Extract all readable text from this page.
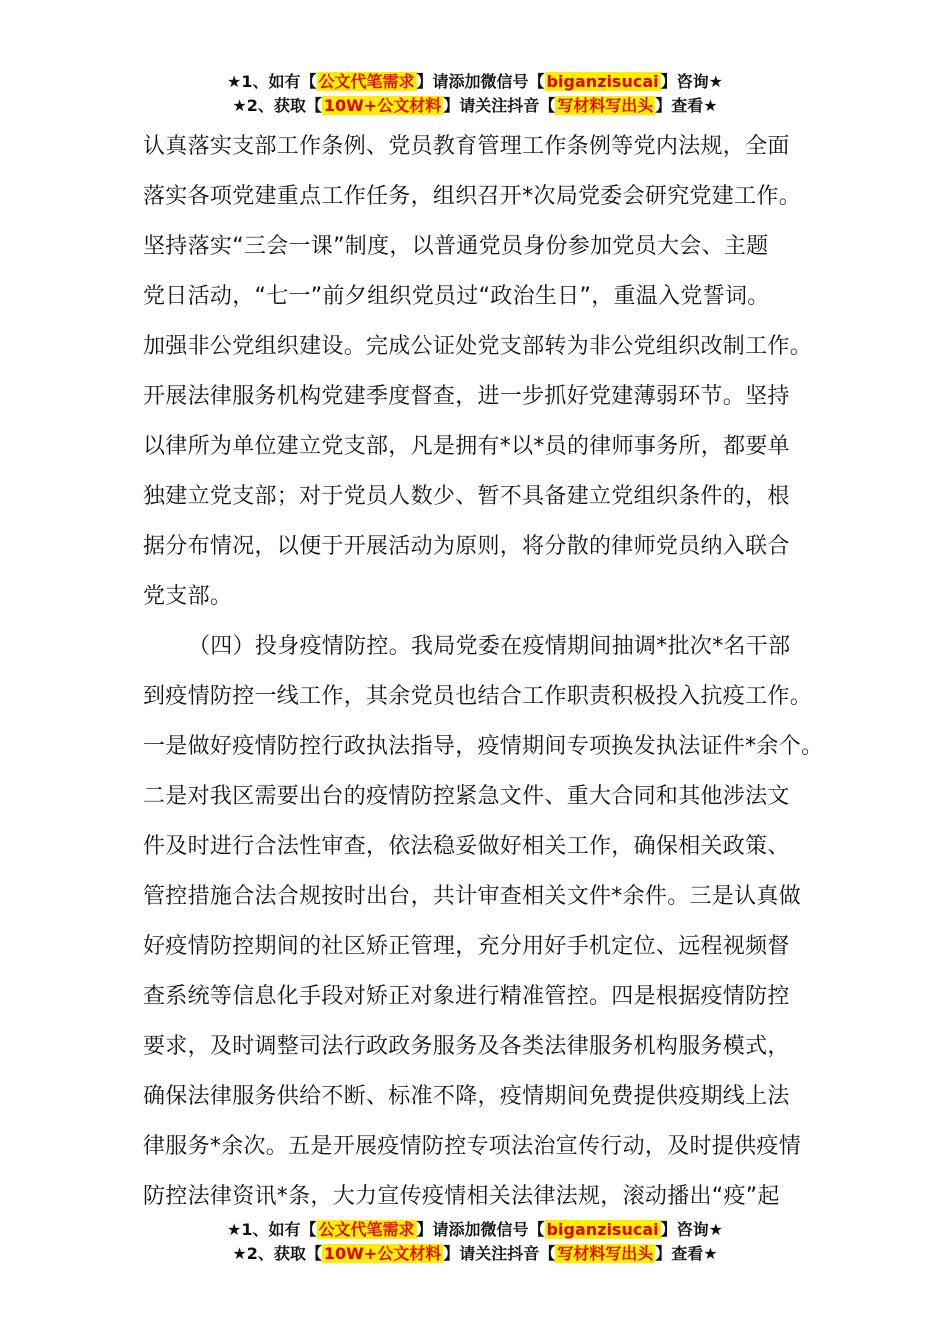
★1、如有【 公文代笔需求 】请添加微信号【 biganzisucai 】咨询★
★2、获取【 10W+公文材料 】请关注抖音【 写材料写出头 】查看★
认真落实支部工作条例、党员教育管理工作条例等党内法规，全面
落实各项党建重点工作任务，组织召开*次局党委会研究党建工作。
坚持落实“三会一课”制度，以普通党员身份参加党员大会、主题
党日活动，“七一”前夕组织党员过“政治生日”，重温入党誓词。
加强非公党组织建设。完成公证处党支部转为非公党组织改制工作。
开展法律服务机构党建季度督查，进一步抓好党建薄弱环节。坚持
以律所为单位建立党支部，凡是拥有*以*员的律师事务所，都要单
独建立党支部；对于党员人数少、暂不具备建立党组织条件的，根
据分布情况，以便于开展活动为原则，将分散的律师党员纳入联合
党支部。
（四）投身疫情防控。我局党委在疫情期间抽调*批次*名干部
到疫情防控一线工作，其余党员也结合工作职责积极投入抗疫工作。
一是做好疫情防控行政执法指导，疫情期间专项换发执法证件*余个。
二是对我区需要出台的疫情防控紧急文件、重大合同和其他涉法文
件及时进行合法性审查，依法稳妥做好相关工作，确保相关政策、
管控措施合法合规按时出台，共计审查相关文件*余件。三是认真做
好疫情防控期间的社区矫正管理，充分用好手机定位、远程视频督
查系统等信息化手段对矫正对象进行精准管控。四是根据疫情防控
要求，及时调整司法行政政务服务及各类法律服务机构服务模式，
确保法律服务供给不断、标准不降，疫情期间免费提供疫期线上法
律服务*余次。五是开展疫情防控专项法治宣传行动，及时提供疫情
防控法律资讯*条，大力宣传疫情相关法律法规，滚动播出“疫”起
★1、如有【 公文代笔需求 】请添加微信号【 biganzisucai 】咨询★
★2、获取【 10W+公文材料 】请关注抖音【 写材料写出头 】查看★
